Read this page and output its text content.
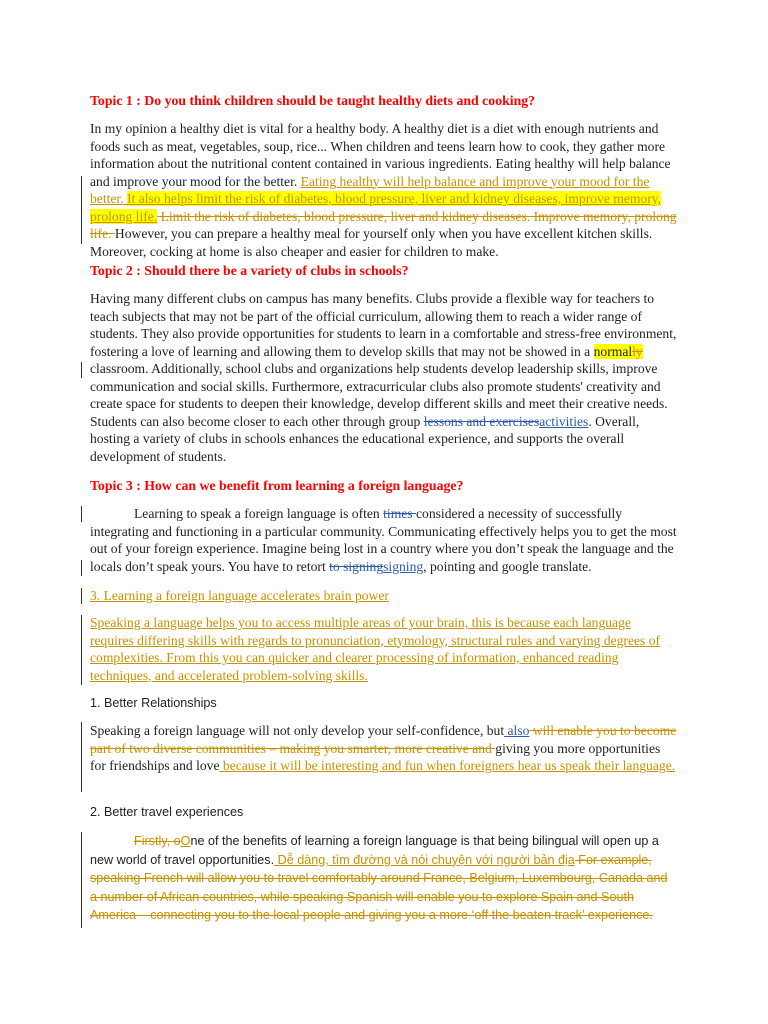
Topic 1 : Do you think children should be taught healthy diets and cooking?
In my opinion a healthy diet is vital for a healthy body. A healthy diet is a diet with enough nutrients and foods such as meat, vegetables, soup, rice... When children and teens learn how to cook, they gather more information about the nutritional content contained in various ingredients. Eating healthy will help balance and improve your mood for the better. Eating healthy will help balance and improve your mood for the better. It also helps limit the risk of diabetes, blood pressure, liver and kidney diseases, improve memory, prolong life. Limit the risk of diabetes, blood pressure, liver and kidney diseases. Improve memory, prolong life. However, you can prepare a healthy meal for yourself only when you have excellent kitchen skills. Moreover, cocking at home is also cheaper and easier for children to make.
Topic 2 : Should there be a variety of clubs in schools?
Having many different clubs on campus has many benefits. Clubs provide a flexible way for teachers to teach subjects that may not be part of the official curriculum, allowing them to reach a wider range of students. They also provide opportunities for students to learn in a comfortable and stress-free environment, fostering a love of learning and allowing them to develop skills that may not be showed in a normally classroom. Additionally, school clubs and organizations help students develop leadership skills, improve communication and social skills. Furthermore, extracurricular clubs also promote students' creativity and create space for students to deepen their knowledge, develop different skills and meet their creative needs. Students can also become closer to each other through group lessons and exercisesactivities. Overall, hosting a variety of clubs in schools enhances the educational experience, and supports the overall development of students.
Topic 3 : How can we benefit from learning a foreign language?
Learning to speak a foreign language is often times considered a necessity of successfully integrating and functioning in a particular community. Communicating effectively helps you to get the most out of your foreign experience. Imagine being lost in a country where you don’t speak the language and the locals don’t speak yours. You have to retort to signingsigning, pointing and google translate.
3. Learning a foreign language accelerates brain power
Speaking a language helps you to access multiple areas of your brain, this is because each language requires differing skills with regards to pronunciation, etymology, structural rules and varying degrees of complexities. From this you can quicker and clearer processing of information, enhanced reading techniques, and accelerated problem-solving skills.
1. Better Relationships
Speaking a foreign language will not only develop your self-confidence, but also will enable you to become part of two diverse communities – making you smarter, more creative and giving you more opportunities for friendships and love because it will be interesting and fun when foreigners hear us speak their language.
2. Better travel experiences
Firstly, oOne of the benefits of learning a foreign language is that being bilingual will open up a new world of travel opportunities. Dễ dàng, tìm đường và nói chuyện với người bản địa For example, speaking French will allow you to travel comfortably around France, Belgium, Luxembourg, Canada and a number of African countries, while speaking Spanish will enable you to explore Spain and South America – connecting you to the local people and giving you a more ‘off the beaten track’ experience.
